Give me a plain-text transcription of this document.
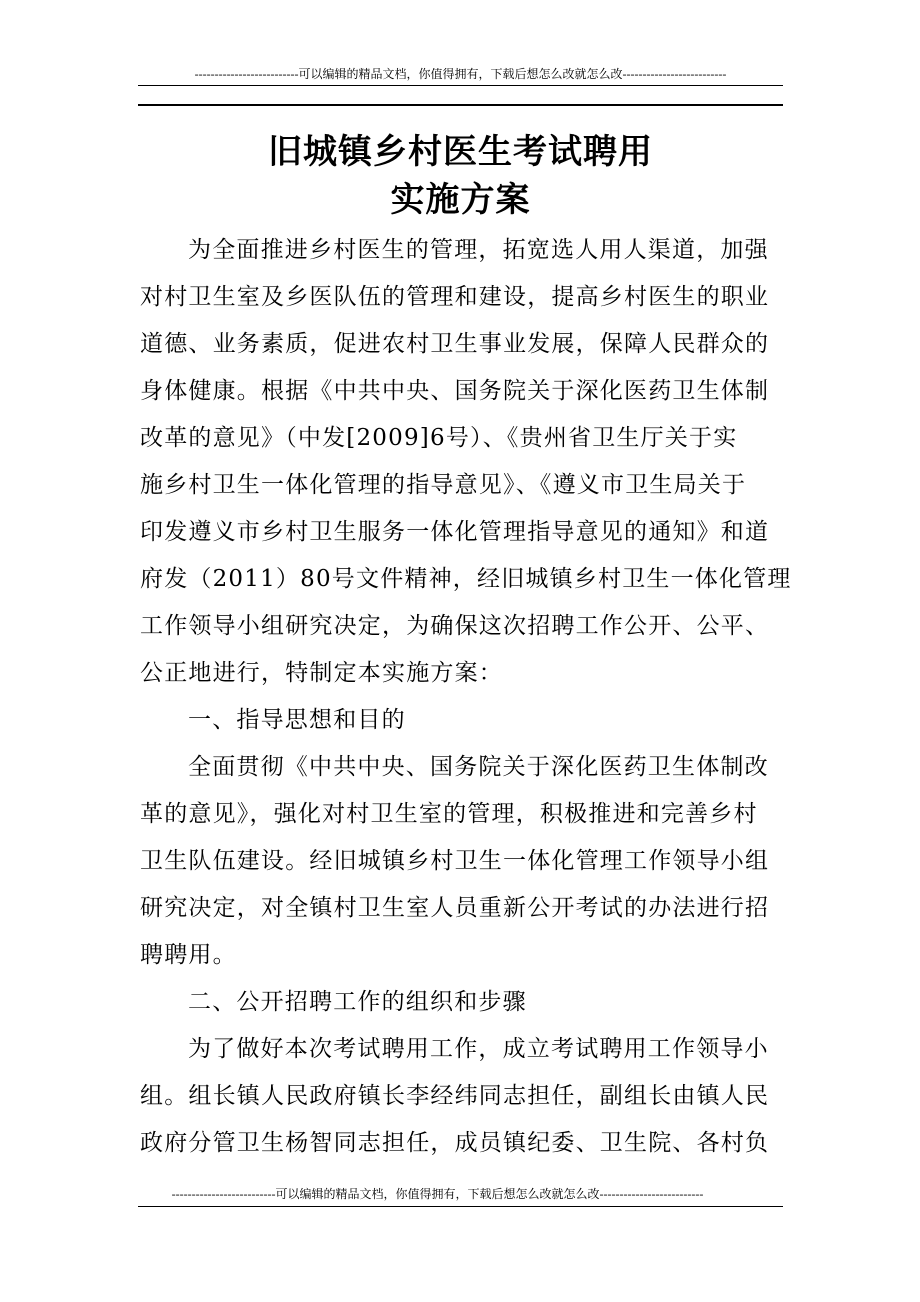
--------------------------可以编辑的精品文档，你值得拥有，下载后想怎么改就怎么改--------------------------
旧城镇乡村医生考试聘用
实施方案
为全面推进乡村医生的管理，拓宽选人用人渠道，加强
对村卫生室及乡医队伍的管理和建设，提高乡村医生的职业
道德、业务素质，促进农村卫生事业发展，保障人民群众的
身体健康。根据《中共中央、国务院关于深化医药卫生体制
改革的意见》（中发[2009]6号）、《贵州省卫生厅关于实
施乡村卫生一体化管理的指导意见》、《遵义市卫生局关于
印发遵义市乡村卫生服务一体化管理指导意见的通知》和道
府发（2011）80号文件精神，经旧城镇乡村卫生一体化管理
工作领导小组研究决定，为确保这次招聘工作公开、公平、
公正地进行，特制定本实施方案：
一、指导思想和目的
全面贯彻《中共中央、国务院关于深化医药卫生体制改
革的意见》，强化对村卫生室的管理，积极推进和完善乡村
卫生队伍建设。经旧城镇乡村卫生一体化管理工作领导小组
研究决定，对全镇村卫生室人员重新公开考试的办法进行招
聘聘用。
二、公开招聘工作的组织和步骤
为了做好本次考试聘用工作，成立考试聘用工作领导小
组。组长镇人民政府镇长李经纬同志担任，副组长由镇人民
政府分管卫生杨智同志担任，成员镇纪委、卫生院、各村负
--------------------------可以编辑的精品文档，你值得拥有，下载后想怎么改就怎么改--------------------------
